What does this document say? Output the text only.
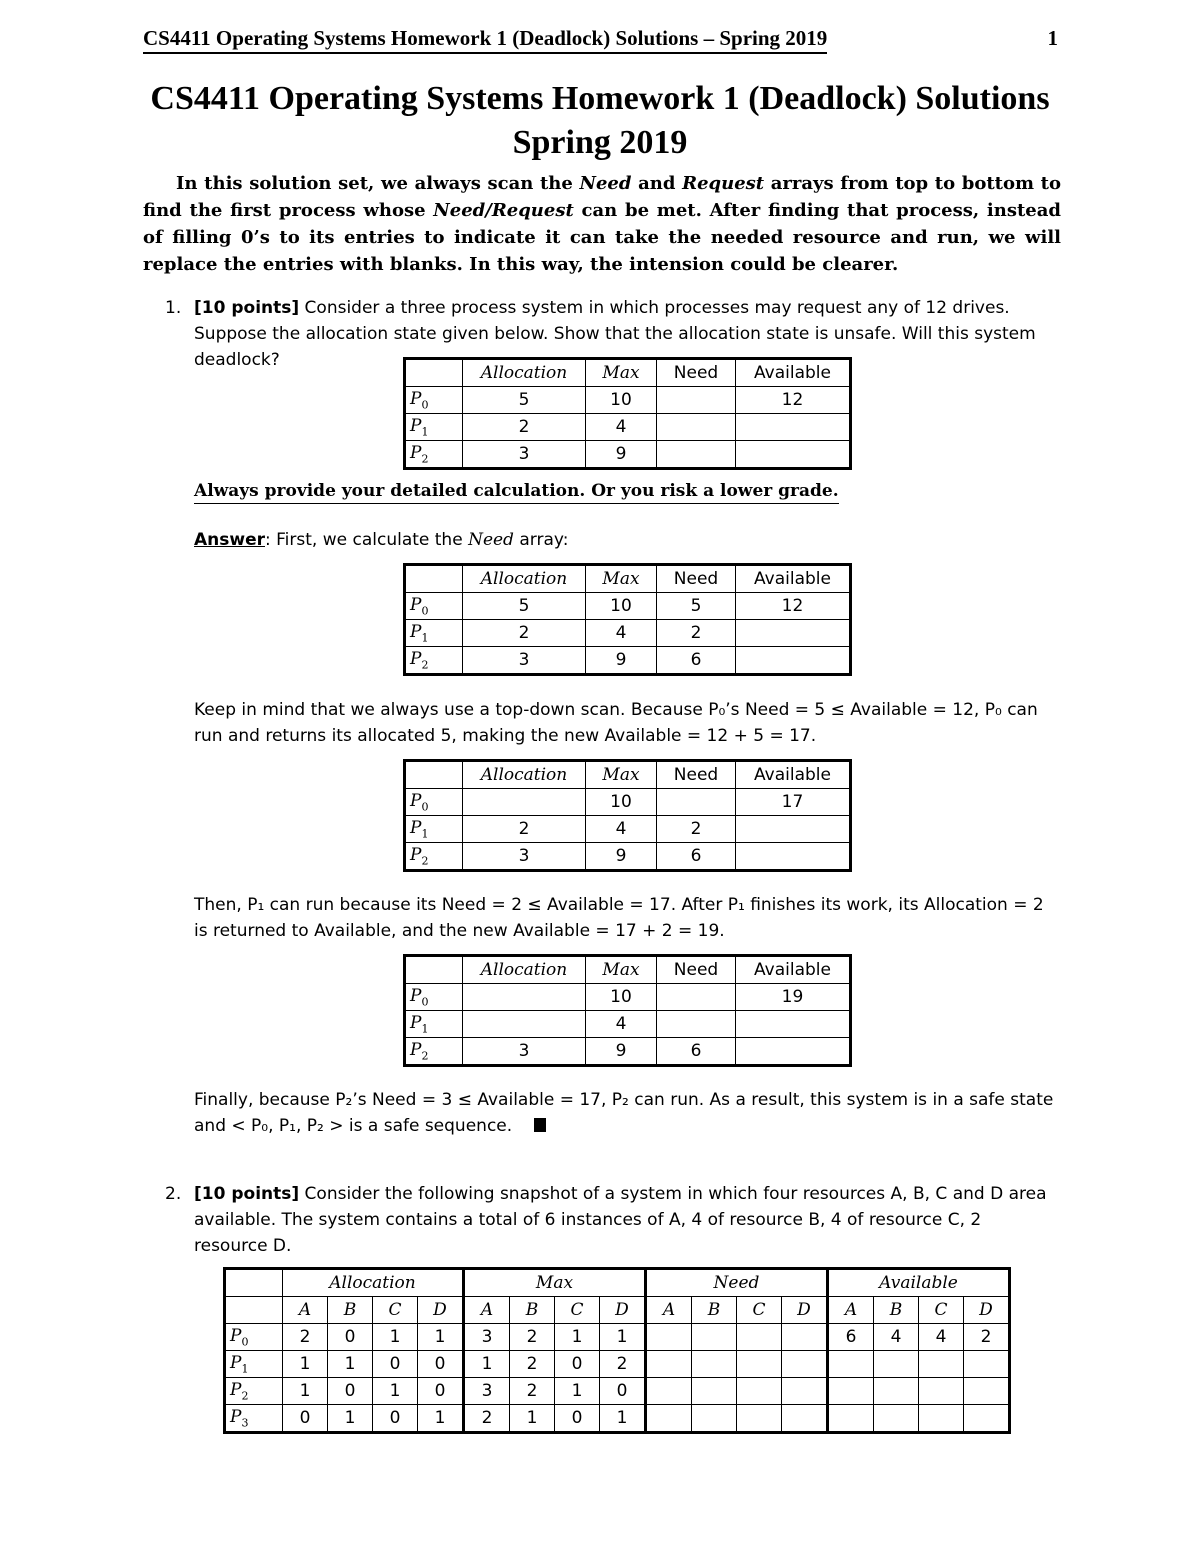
CS4411 Operating Systems Homework 1 (Deadlock) Solutions – Spring 2019	1
CS4411 Operating Systems Homework 1 (Deadlock) Solutions
Spring 2019
In this solution set, we always scan the Need and Request arrays from top to bottom to find the first process whose Need/Request can be met. After finding that process, instead of filling 0’s to its entries to indicate it can take the needed resource and run, we will replace the entries with blanks. In this way, the intension could be clearer.
1. [10 points] Consider a three process system in which processes may request any of 12 drives. Suppose the allocation state given below. Show that the allocation state is unsafe. Will this system deadlock?
	Allocation	Max	Need	Available
$P_0$	5	10		12
$P_1$	2	4		
$P_2$	3	9		
Always provide your detailed calculation. Or you risk a lower grade.
Answer: First, we calculate the Need array:
	Allocation	Max	Need	Available
$P_0$	5	10	5	12
$P_1$	2	4	2	
$P_2$	3	9	6	
Keep in mind that we always use a top-down scan. Because P₀’s Need = 5 ≤ Available = 12, P₀ can run and returns its allocated 5, making the new Available = 12 + 5 = 17.
	Allocation	Max	Need	Available
$P_0$		10		17
$P_1$	2	4	2	
$P_2$	3	9	6	
Then, P₁ can run because its Need = 2 ≤ Available = 17. After P₁ finishes its work, its Allocation = 2 is returned to Available, and the new Available = 17 + 2 = 19.
	Allocation	Max	Need	Available
$P_0$		10		19
$P_1$		4		
$P_2$	3	9	6	
Finally, because P₂’s Need = 3 ≤ Available = 17, P₂ can run. As a result, this system is in a safe state and < P₀, P₁, P₂ > is a safe sequence.
2. [10 points] Consider the following snapshot of a system in which four resources A, B, C and D area available. The system contains a total of 6 instances of A, 4 of resource B, 4 of resource C, 2 resource D.
	Allocation				Max				Need				Available			
	A	B	C	D	A	B	C	D	A	B	C	D	A	B	C	D
$P_0$	2	0	1	1	3	2	1	1					6	4	4	2
$P_1$	1	1	0	0	1	2	0	2								
$P_2$	1	0	1	0	3	2	1	0								
$P_3$	0	1	0	1	2	1	0	1								
